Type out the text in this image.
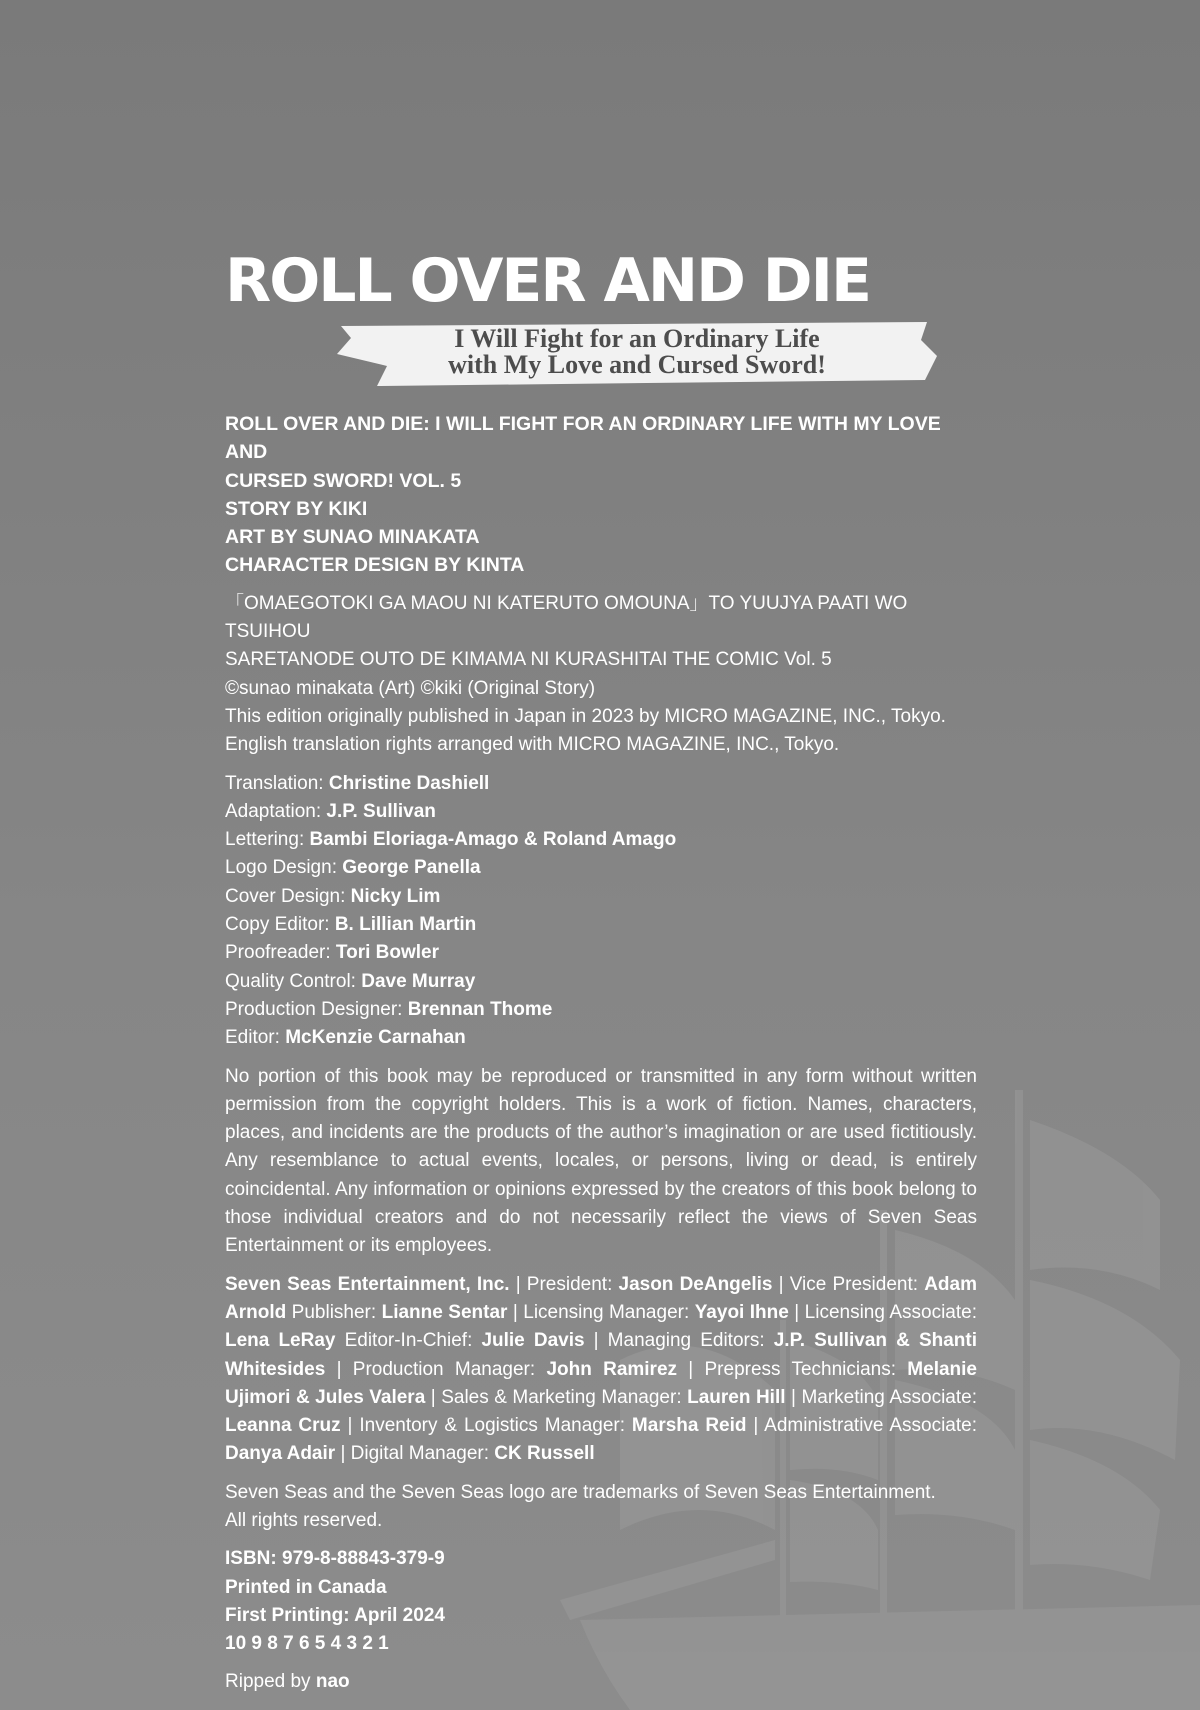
ROLL OVER AND DIE
I Will Fight for an Ordinary Life
with My Love and Cursed Sword!
ROLL OVER AND DIE: I WILL FIGHT FOR AN ORDINARY LIFE WITH MY LOVE AND
CURSED SWORD! VOL. 5
STORY BY KIKI
ART BY SUNAO MINAKATA
CHARACTER DESIGN BY KINTA
「OMAEGOTOKI GA MAOU NI KATERUTO OMOUNA」TO YUUJYA PAATI WO TSUIHOU
SARETANODE OUTO DE KIMAMA NI KURASHITAI THE COMIC Vol. 5
©sunao minakata (Art) ©kiki (Original Story)
This edition originally published in Japan in 2023 by MICRO MAGAZINE, INC., Tokyo.
English translation rights arranged with MICRO MAGAZINE, INC., Tokyo.
Translation: Christine Dashiell
Adaptation: J.P. Sullivan
Lettering: Bambi Eloriaga-Amago & Roland Amago
Logo Design: George Panella
Cover Design: Nicky Lim
Copy Editor: B. Lillian Martin
Proofreader: Tori Bowler
Quality Control: Dave Murray
Production Designer: Brennan Thome
Editor: McKenzie Carnahan
No portion of this book may be reproduced or transmitted in any form without written permission from the copyright holders. This is a work of fiction. Names, characters, places, and incidents are the products of the author’s imagination or are used fictitiously. Any resemblance to actual events, locales, or persons, living or dead, is entirely coincidental. Any information or opinions expressed by the creators of this book belong to those individual creators and do not necessarily reflect the views of Seven Seas Entertainment or its employees.
Seven Seas Entertainment, Inc. | President: Jason DeAngelis | Vice President: Adam Arnold Publisher: Lianne Sentar | Licensing Manager: Yayoi Ihne | Licensing Associate: Lena LeRay Editor-In-Chief: Julie Davis | Managing Editors: J.P. Sullivan & Shanti Whitesides | Production Manager: John Ramirez | Prepress Technicians: Melanie Ujimori & Jules Valera | Sales & Marketing Manager: Lauren Hill | Marketing Associate: Leanna Cruz | Inventory & Logistics Manager: Marsha Reid | Administrative Associate: Danya Adair | Digital Manager: CK Russell
Seven Seas and the Seven Seas logo are trademarks of Seven Seas Entertainment.
All rights reserved.
ISBN: 979-8-88843-379-9
Printed in Canada
First Printing: April 2024
10 9 8 7 6 5 4 3 2 1
Ripped by nao
